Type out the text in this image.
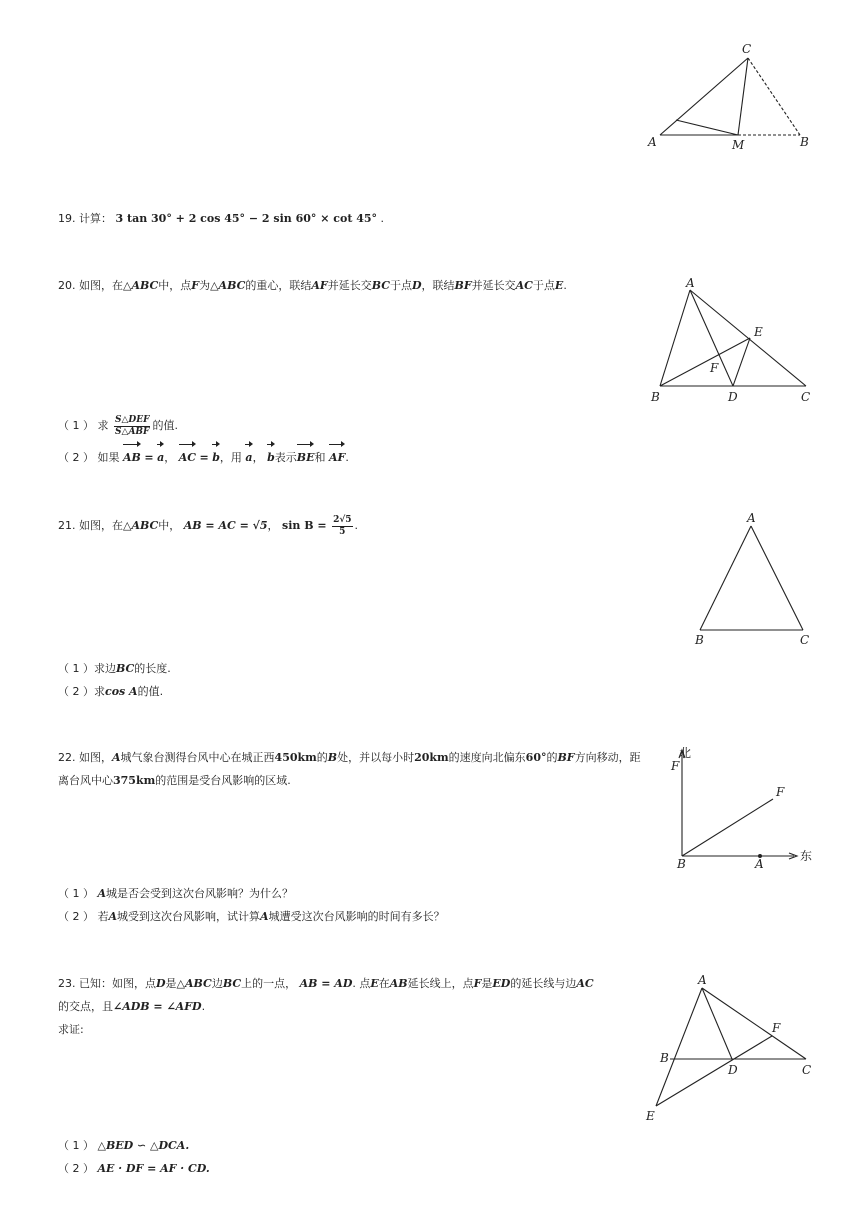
C
A	M	B
19. 计算： 3 tan 30° + 2 cos 45° − 2 sin 60° × cot 45° .
20. 如图，在△ABC中，点F为△ABC的重心，联结AF并延长交BC于点D，联结BF并延长交AC于点E.
（ 1 ） 求 $\frac{\text{S△DEF}}{\text{S△ABF}}$ 的值.
（ 2 ） 如果 AB = a， AC = b，用 a， b表示BE和 AF.
A
B	D	C
E
F
21. 如图，在△ABC中， AB = AC = √5， $\sin B = \frac{2√5}{5}$ .
（ 1 ）求边BC的长度.
（ 2 ）求cos A的值.
A
B	C
22. 如图，A城气象台测得台风中心在城正西450km的B处，并以每小时20km的速度向北偏东60°的BF方向移动，距
离台风中心375km的范围是受台风影响的区域.
（ 1 ） A城是否会受到这次台风影响？为什么？
（ 2 ） 若A城受到这次台风影响，试计算A城遭受这次台风影响的时间有多长？
北
F
东
B	A
F
23. 已知：如图，点D是△ABC边BC上的一点， AB = AD. 点E在AB延长线上，点F是ED的延长线与边AC
的交点，且∠ADB = ∠AFD.
求证:
（ 1 ） △BED ∽ △DCA.
（ 2 ） AE · DF = AF · CD.
A
B
D	C
F
E
